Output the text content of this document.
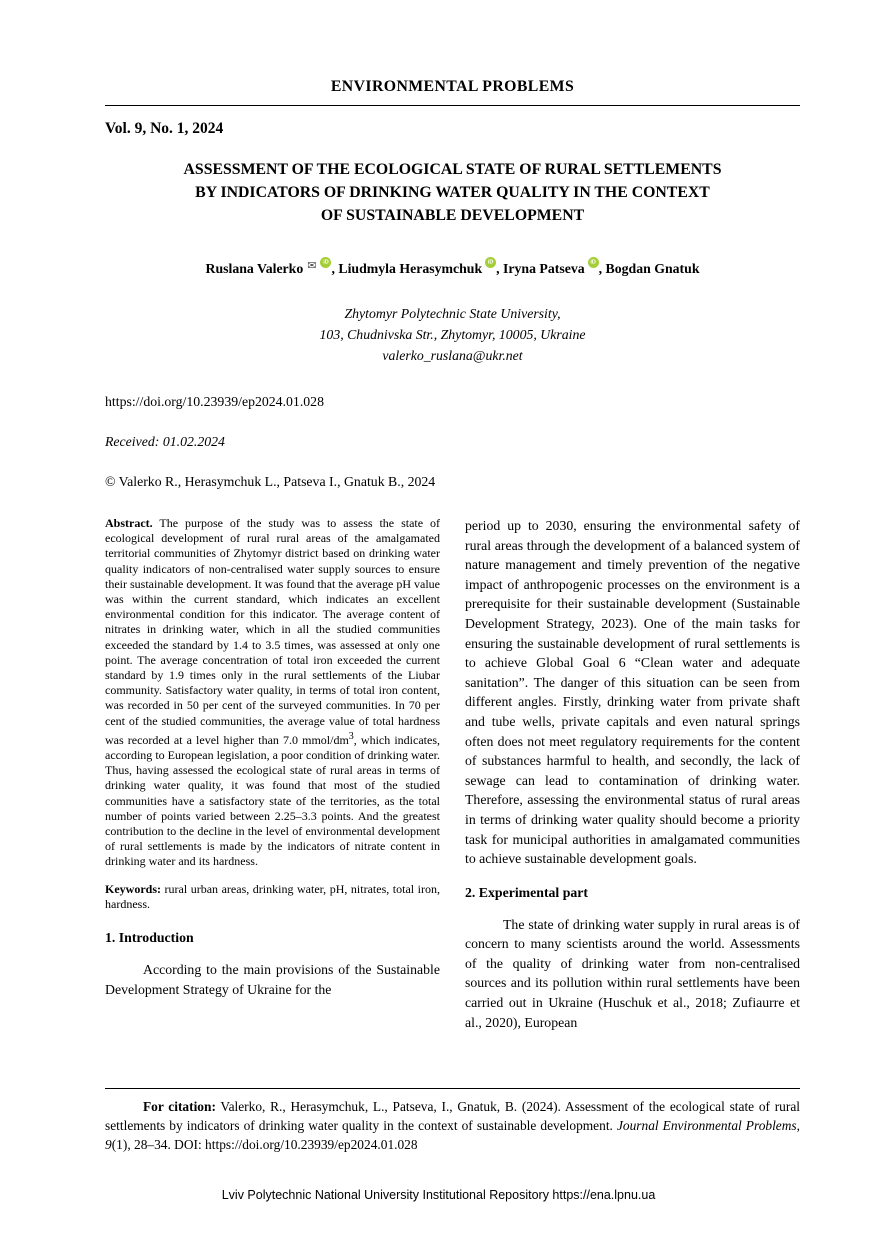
ENVIRONMENTAL PROBLEMS
Vol. 9, No. 1, 2024
ASSESSMENT OF THE ECOLOGICAL STATE OF RURAL SETTLEMENTS
BY INDICATORS OF DRINKING WATER QUALITY IN THE CONTEXT
OF SUSTAINABLE DEVELOPMENT
Ruslana Valerko ✉ iD , Liudmyla Herasymchuk iD , Iryna Patseva iD , Bogdan Gnatuk
Zhytomyr Polytechnic State University,
103, Chudnivska Str., Zhytomyr, 10005, Ukraine
valerko_ruslana@ukr.net
https://doi.org/10.23939/ep2024.01.028
Received: 01.02.2024
© Valerko R., Herasymchuk L., Patseva I., Gnatuk B., 2024

Abstract. The purpose of the study was to assess the state of ecological development of rural rural areas of the amalgamated territorial communities of Zhytomyr district based on drinking water quality indicators of non-centralised water supply sources to ensure their sustainable development. It was found that the average pH value was within the current standard, which indicates an excellent environmental condition for this indicator. The average content of nitrates in drinking water, which in all the studied communities exceeded the standard by 1.4 to 3.5 times, was assessed at only one point. The average concentration of total iron exceeded the current standard by 1.9 times only in the rural settlements of the Liubar community. Satisfactory water quality, in terms of total iron content, was recorded in 50 per cent of the surveyed communities. In 70 per cent of the studied communities, the average value of total hardness was recorded at a level higher than 7.0 mmol/$dm^3$, which indicates, according to European legislation, a poor condition of drinking water. Thus, having assessed the ecological state of rural areas in terms of drinking water quality, it was found that most of the studied communities have a satisfactory state of the territories, as the total number of points varied between 2.25–3.3 points. And the greatest contribution to the decline in the level of environmental development of rural settlements is made by the indicators of nitrate content in drinking water and its hardness.

Keywords: rural urban areas, drinking water, pH, nitrates, total iron, hardness.

1. Introduction

According to the main provisions of the Sustainable Development Strategy of Ukraine for the

period up to 2030, ensuring the environmental safety of rural areas through the development of a balanced system of nature management and timely prevention of the negative impact of anthropogenic processes on the environment is a prerequisite for their sustainable development (Sustainable Development Strategy, 2023). One of the main tasks for ensuring the sustainable development of rural settlements is to achieve Global Goal 6 “Clean water and adequate sanitation”. The danger of this situation can be seen from different angles. Firstly, drinking water from private shaft and tube wells, private capitals and even natural springs often does not meet regulatory requirements for the content of substances harmful to health, and secondly, the lack of sewage can lead to contamination of drinking water. Therefore, assessing the environmental status of rural areas in terms of drinking water quality should become a priority task for municipal authorities in amalgamated communities to achieve sustainable development goals.

2. Experimental part

The state of drinking water supply in rural areas is of concern to many scientists around the world. Assessments of the quality of drinking water from non-centralised sources and its pollution within rural settlements have been carried out in Ukraine (Huschuk et al., 2018; Zufiaurre et al., 2020), European

For citation: Valerko, R., Herasymchuk, L., Patseva, I., Gnatuk, B. (2024). Assessment of the ecological state of rural settlements by indicators of drinking water quality in the context of sustainable development. Journal Environmental Problems, 9(1), 28–34. DOI: https://doi.org/10.23939/ep2024.01.028

Lviv Polytechnic National University Institutional Repository https://ena.lpnu.ua
